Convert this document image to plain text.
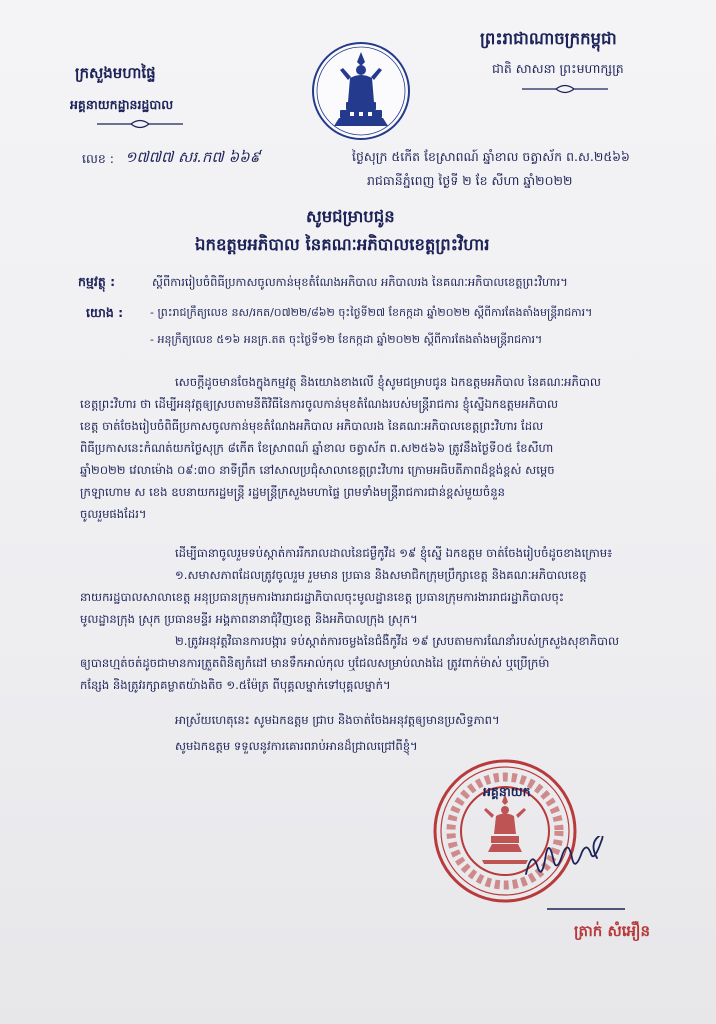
ព្រះរាជាណាចក្រកម្ពុជា
ជាតិ សាសនា ព្រះមហាក្សត្រ
ក្រសួងមហាផ្ទៃ
អគ្គនាយកដ្ឋានរដ្ឋបាល
លេខ : ១៧៧៧ សរ.ក៧ ៦៦៩	ថ្ងៃសុក្រ ៥កើត ខែស្រាពណ៍ ឆ្នាំខាល ចត្វាស័ក ព.ស.២៥៦៦
រាជធានីភ្នំពេញ ថ្ងៃទី ២ ខែ សីហា ឆ្នាំ២០២២
សូមជម្រាបជូន
ឯកឧត្តមអភិបាល នៃគណៈអភិបាលខេត្តព្រះវិហារ
កម្មវត្ថុ :	ស្តីពីការរៀបចំពិធីប្រកាសចូលកាន់មុខតំណែងអភិបាល អភិបាលរង នៃគណៈអភិបាលខេត្តព្រះវិហារ។
យោង : - ព្រះរាជក្រឹត្យលេខ នស/រកត/០៧២២/៨៦២ ចុះថ្ងៃទី២៧ ខែកក្កដា ឆ្នាំ២០២២ ស្តីពីការតែងតាំងមន្ត្រីរាជការ។
- អនុក្រឹត្យលេខ ៥១៦ អនក្រ.តត ចុះថ្ងៃទី១២ ខែកក្កដា ឆ្នាំ២០២២ ស្តីពីការតែងតាំងមន្ត្រីរាជការ។
សេចក្តីដូចមានចែងក្នុងកម្មវត្ថុ និងយោងខាងលើ ខ្ញុំសូមជម្រាបជូន ឯកឧត្តមអភិបាល នៃគណៈអភិបាល
ខេត្តព្រះវិហារ ថា ដើម្បីអនុវត្តឲ្យស្របតាមនីតិវិធីនៃការចូលកាន់មុខតំណែងរបស់មន្ត្រីរាជការ ខ្ញុំស្នើឯកឧត្តមអភិបាល
ខេត្ត ចាត់ចែងរៀបចំពិធីប្រកាសចូលកាន់មុខតំណែងអភិបាល អភិបាលរង នៃគណៈអភិបាលខេត្តព្រះវិហារ ដែល
ពិធីប្រកាសនេះកំណត់យកថ្ងៃសុក្រ ៨កើត ខែស្រាពណ៍ ឆ្នាំខាល ចត្វាស័ក ព.ស២៥៦៦ ត្រូវនឹងថ្ងៃទី០៥ ខែសីហា
ឆ្នាំ២០២២ វេលាម៉ោង ០៩:៣០ នាទីព្រឹក នៅសាលប្រជុំសាលាខេត្តព្រះវិហារ ក្រោមអធិបតីភាពដ៏ខ្ពង់ខ្ពស់ សម្តេច
ក្រឡាហោម ស ខេង ឧបនាយករដ្ឋមន្ត្រី រដ្ឋមន្ត្រីក្រសួងមហាផ្ទៃ ព្រមទាំងមន្ត្រីរាជការជាន់ខ្ពស់មួយចំនួន
ចូលរួមផងដែរ។
ដើម្បីធានាចូលរួមទប់ស្កាត់ការរីករាលដាលនៃជម្ងឺកូវីដ ១៩ ខ្ញុំស្នើ ឯកឧត្តម ចាត់ចែងរៀបចំដូចខាងក្រោម៖
១.សមាសភាពដែលត្រូវចូលរួម រួមមាន ប្រធាន និងសមាជិកក្រុមប្រឹក្សាខេត្ត និងគណៈអភិបាលខេត្ត
នាយករដ្ឋបាលសាលាខេត្ត អនុប្រធានក្រុមការងាររាជរដ្ឋាភិបាលចុះមូលដ្ឋានខេត្ត ប្រធានក្រុមការងាររាជរដ្ឋាភិបាលចុះ
មូលដ្ឋានក្រុង ស្រុក ប្រធានមន្ទីរ អង្គភាពនានាជុំវិញខេត្ត និងអភិបាលក្រុង ស្រុក។
២.ត្រូវអនុវត្តវិធានការបង្ការ ទប់ស្កាត់ការចម្លងនៃជំងឺកូវីដ ១៩ ស្របតាមការណែនាំរបស់ក្រសួងសុខាភិបាល
ឲ្យបានហ្មត់ចត់ដូចជាមានការត្រួតពិនិត្យកំដៅ មានទឹកអាល់កុល ឬជែលសម្រាប់លាងដៃ ត្រូវពាក់ម៉ាស់ ឬប្រើក្រម៉ា
កន្សែង និងត្រូវរក្សាគម្លាតយ៉ាងតិច ១.៥ម៉ែត្រ ពីបុគ្គលម្នាក់ទៅបុគ្គលម្នាក់។
អាស្រ័យហេតុនេះ សូមឯកឧត្តម ជ្រាប និងចាត់ចែងអនុវត្តឲ្យមានប្រសិទ្ធភាព។
សូមឯកឧត្តម ទទួលនូវការគោរពរាប់អានដ៏ជ្រាលជ្រៅពីខ្ញុំ។
អគ្គនាយក
ត្រាក់ សំអឿន
